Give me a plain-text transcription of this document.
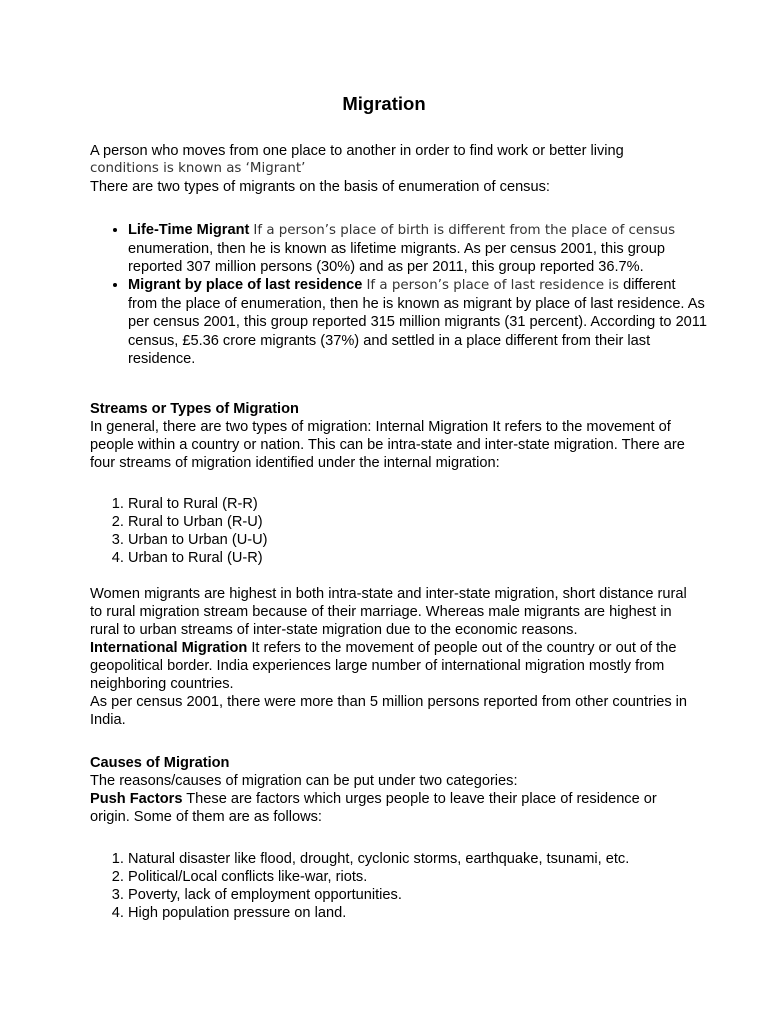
Migration
A person who moves from one place to another in order to find work or better living
conditions is known as ‘Migrant’
There are two types of migrants on the basis of enumeration of census:
• Life-Time Migrant If a person’s place of birth is different from the place of census enumeration, then he is known as lifetime migrants. As per census 2001, this group reported 307 million persons (30%) and as per 2011, this group reported 36.7%.
• Migrant by place of last residence If a person’s place of last residence is different from the place of enumeration, then he is known as migrant by place of last residence. As per census 2001, this group reported 315 million migrants (31 percent). According to 2011 census, £5.36 crore migrants (37%) and settled in a place different from their last residence.
Streams or Types of Migration
In general, there are two types of migration: Internal Migration It refers to the movement of people within a country or nation. This can be intra-state and inter-state migration. There are four streams of migration identified under the internal migration:
1. Rural to Rural (R-R)
2. Rural to Urban (R-U)
3. Urban to Urban (U-U)
4. Urban to Rural (U-R)
Women migrants are highest in both intra-state and inter-state migration, short distance rural to rural migration stream because of their marriage. Whereas male migrants are highest in rural to urban streams of inter-state migration due to the economic reasons.
International Migration It refers to the movement of people out of the country or out of the geopolitical border. India experiences large number of international migration mostly from neighboring countries.
As per census 2001, there were more than 5 million persons reported from other countries in India.
Causes of Migration
The reasons/causes of migration can be put under two categories:
Push Factors These are factors which urges people to leave their place of residence or origin. Some of them are as follows:
1. Natural disaster like flood, drought, cyclonic storms, earthquake, tsunami, etc.
2. Political/Local conflicts like-war, riots.
3. Poverty, lack of employment opportunities.
4. High population pressure on land.
